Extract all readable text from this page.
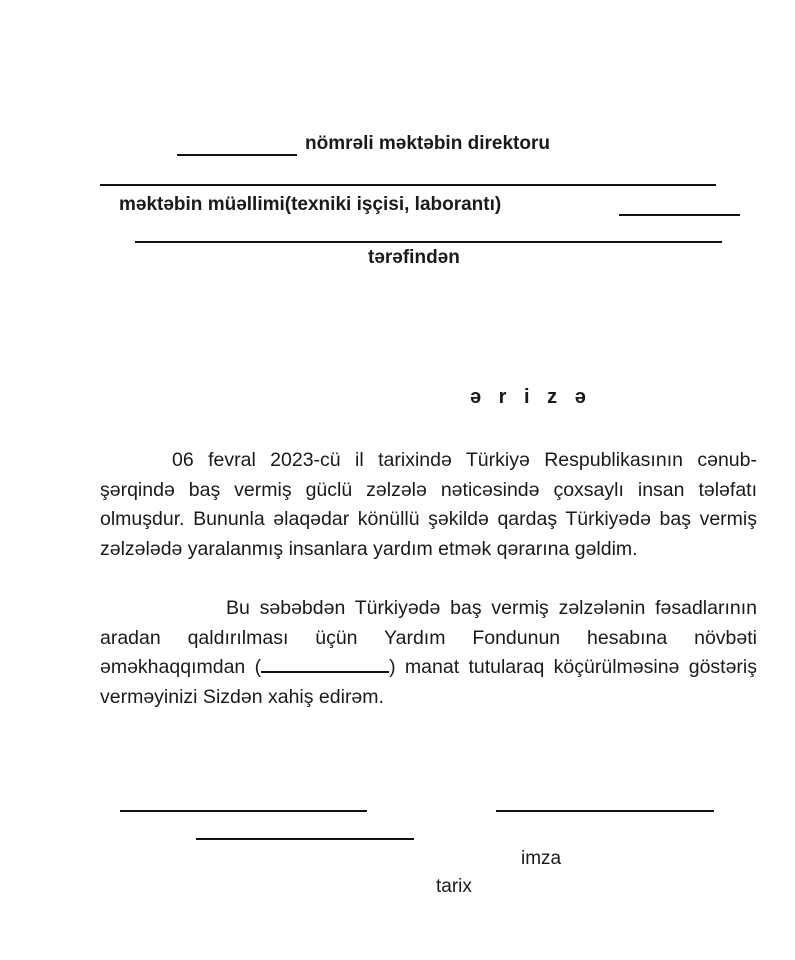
nömrəli məktəbin direktoru
məktəbin müəllimi(texniki işçisi, laborantı)
tərəfindən
ə r i z ə

06 fevral 2023-cü il tarixində Türkiyə Respublikasının cənub-şərqində baş vermiş güclü zəlzələ nəticəsində çoxsaylı insan tələfatı olmuşdur. Bununla əlaqədar könüllü şəkildə qardaş Türkiyədə baş vermiş zəlzələdə yaralanmış insanlara yardım etmək qərarına gəldim.

Bu səbəbdən Türkiyədə baş vermiş zəlzələnin fəsadlarının aradan qaldırılması üçün Yardım Fondunun hesabına növbəti əməkhaqqımdan (	) manat tutularaq köçürülməsinə göstəriş verməyinizi Sizdən xahiş edirəm.

imza
tarix
